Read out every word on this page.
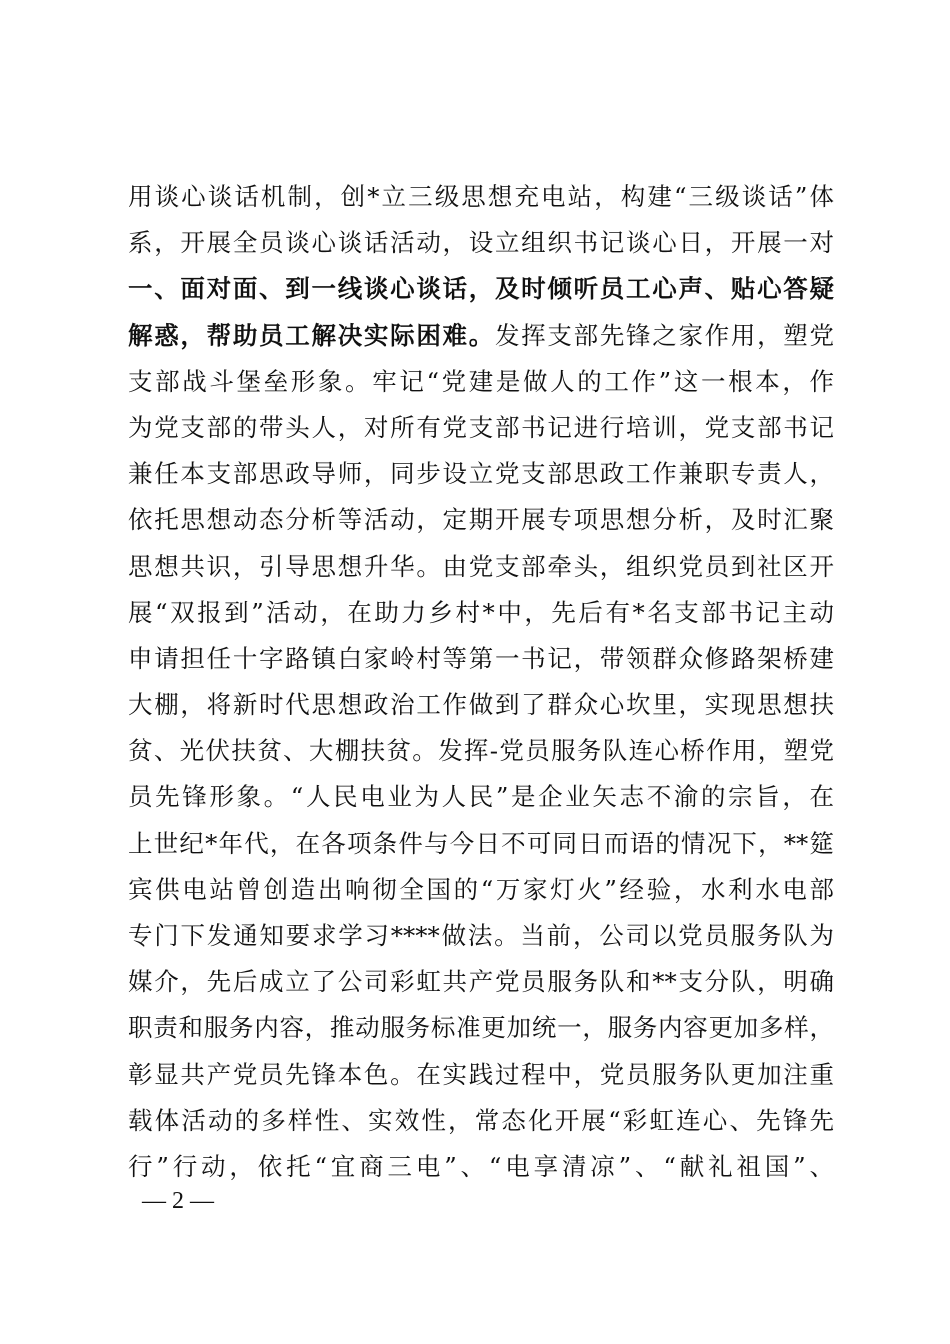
用谈心谈话机制，创*立三级思想充电站，构建“三级谈话”体
系，开展全员谈心谈话活动，设立组织书记谈心日，开展一对
一、面对面、到一线谈心谈话，及时倾听员工心声、贴心答疑
解惑，帮助员工解决实际困难。发挥支部先锋之家作用，塑党
支部战斗堡垒形象。牢记“党建是做人的工作”这一根本，作
为党支部的带头人，对所有党支部书记进行培训，党支部书记
兼任本支部思政导师，同步设立党支部思政工作兼职专责人，
依托思想动态分析等活动，定期开展专项思想分析，及时汇聚
思想共识，引导思想升华。由党支部牵头，组织党员到社区开
展“双报到”活动，在助力乡村*中，先后有*名支部书记主动
申请担任十字路镇白家岭村等第一书记，带领群众修路架桥建
大棚，将新时代思想政治工作做到了群众心坎里，实现思想扶
贫、光伏扶贫、大棚扶贫。发挥-党员服务队连心桥作用，塑党
员先锋形象。“人民电业为人民”是企业矢志不渝的宗旨，在
上世纪*年代，在各项条件与今日不可同日而语的情况下，**筵
宾供电站曾创造出响彻全国的“万家灯火”经验，水利水电部
专门下发通知要求学习****做法。当前，公司以党员服务队为
媒介，先后成立了公司彩虹共产党员服务队和**支分队，明确
职责和服务内容，推动服务标准更加统一，服务内容更加多样，
彰显共产党员先锋本色。在实践过程中，党员服务队更加注重
载体活动的多样性、实效性，常态化开展“彩虹连心、先锋先
行”行动，依托“宜商三电”、“电享清凉”、“献礼祖国”、
— 2 —
